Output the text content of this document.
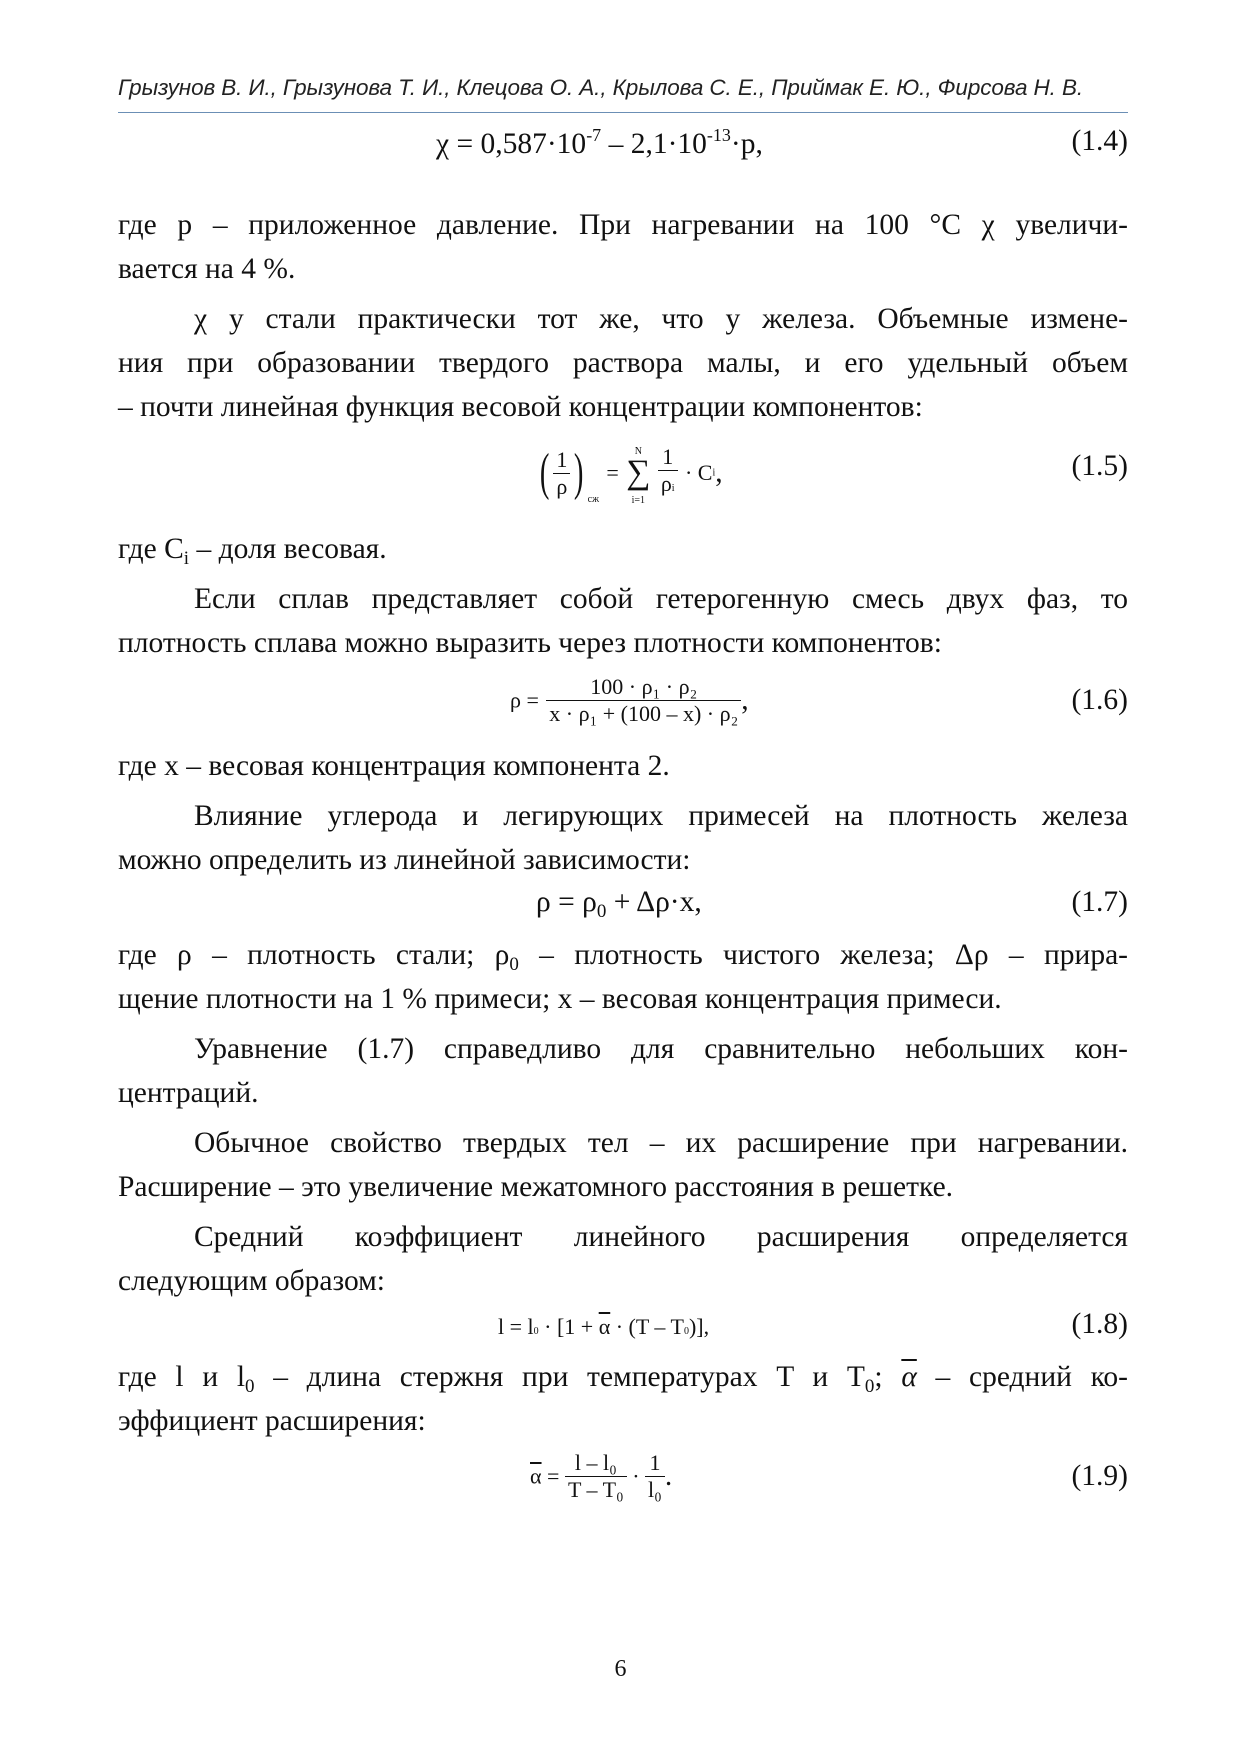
Грызунов В. И., Грызунова Т. И., Клецова О. А., Крылова С. Е., Приймак Е. Ю., Фирсова Н. В.
$\chi = 0,587\cdot 10^{-7} - 2,1\cdot 10^{-13}\cdot p$,	(1.4)
где p – приложенное давление. При нагревании на 100 °С χ увеличи-
вается на 4 %.
χ у стали практически тот же, что у железа. Объемные измене-
ния при образовании твердого раствора малы, и его удельный объем
– почти линейная функция весовой концентрации компонентов:
( $\frac{1}{\rho}$ ) $_{сж}$ = N
∑
$i=1 \frac{1}{\rho i} \cdot Ci$,	(1.5)
где $C_i$ – доля весовая.
Если сплав представляет собой гетерогенную смесь двух фаз, то
плотность сплава можно выразить через плотности компонентов:
$\rho = \frac{\text{100 · ρ₁ · ρ₂}}{\text{x · ρ₁ + (100 – x) · ρ₂}}$ ,	(1.6)
где x – весовая концентрация компонента 2.
Влияние углерода и легирующих примесей на плотность железа
можно определить из линейной зависимости:
$\rho = \rho_0 + \Delta\rho\cdot x$,	(1.7)
где ρ – плотность стали; $\rho_0$ – плотность чистого железа; Δρ – прира-
щение плотности на 1 % примеси; x – весовая концентрация примеси.
Уравнение (1.7) справедливо для сравнительно небольших кон-
центраций.
Обычное свойство твердых тел – их расширение при нагревании.
Расширение – это увеличение межатомного расстояния в решетке.
Средний коэффициент линейного расширения определяется
следующим образом:
$l = l0 \cdot [1 + \overline{\alpha} \cdot (T - T0)]$,	(1.8)
где l и $l_0$ – длина стержня при температурах T и $T_0$; $\overline{\alpha}$ – средний ко-
эффициент расширения:
$\overline{\alpha} = \frac{\text{l – l₀}}{\text{T – T₀}} \cdot \frac{1}{\text{l₀}}$ .	(1.9)
6
